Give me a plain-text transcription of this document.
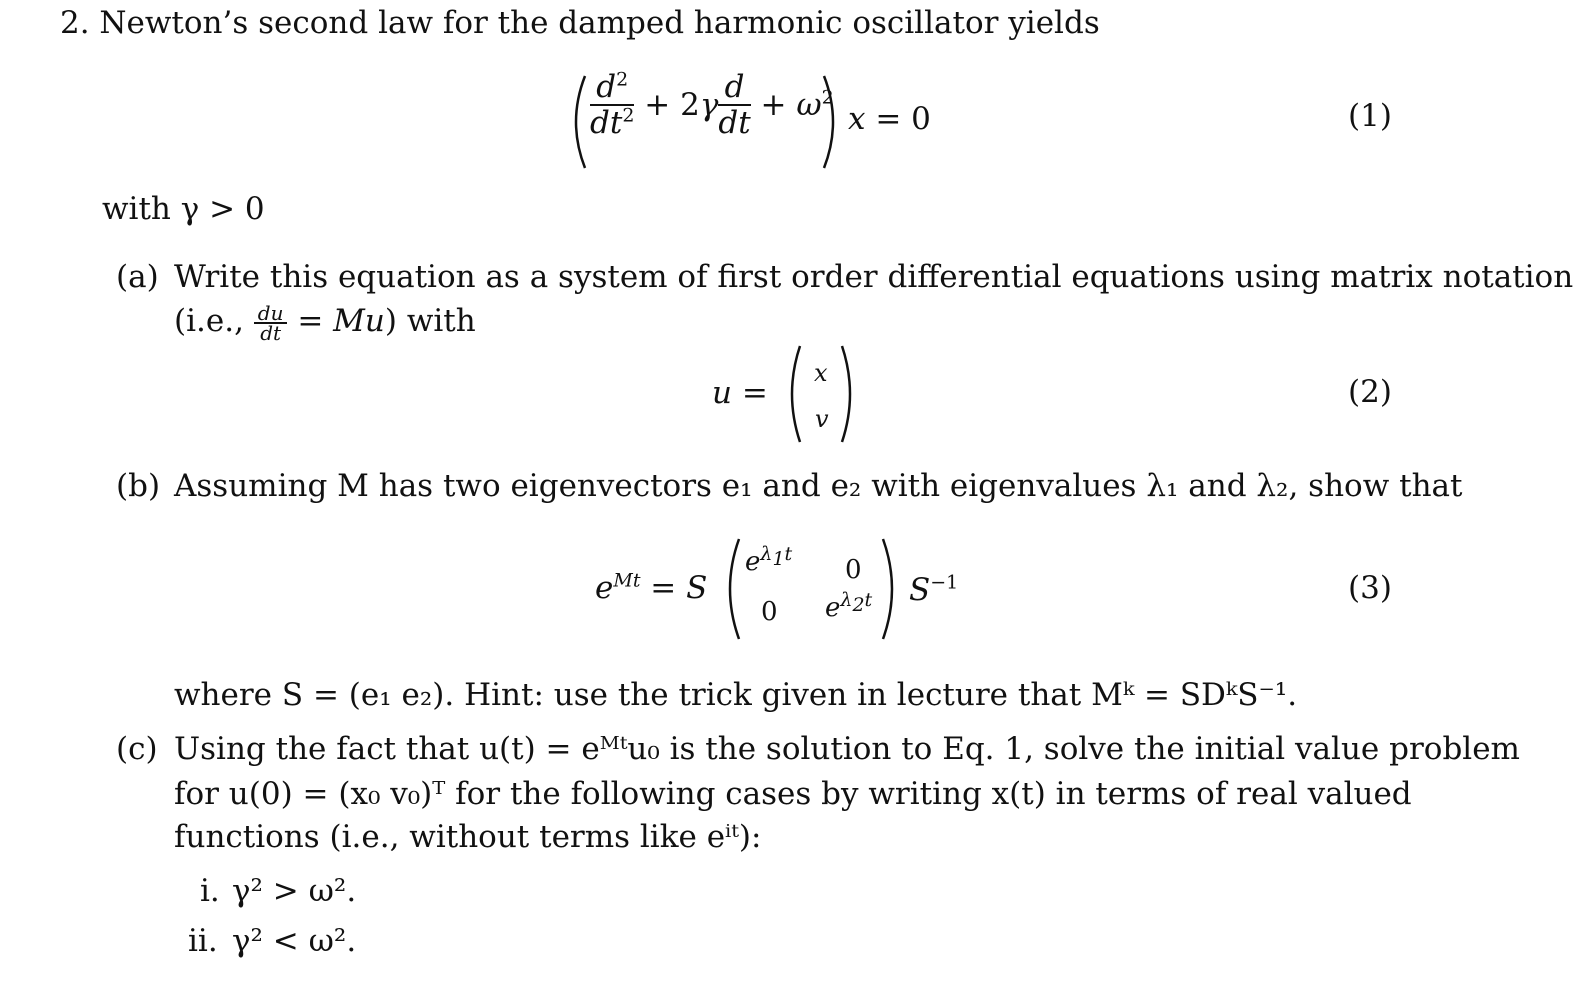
2. Newton’s second law for the damped harmonic oscillator yields
$\frac{d^2}{dt^2} + 2\gamma \frac{d}{dt} + \omega^2$
x = 0	(1)
with γ > 0
(a) Write this equation as a system of first order differential equations using matrix notation
(i.e., $\frac{du}{dt} = Mu$) with
u =
x
v
(2)
(b) Assuming M has two eigenvectors e₁ and e₂ with eigenvalues λ₁ and λ₂, show that
$e^{Mt} = S$
$e^{\lambda_1t}$
0
0 $e^{\lambda_2t}$ $S^{-1}$	(3)
where S = (e₁ e₂). Hint: use the trick given in lecture that Mᵏ = SDᵏS⁻¹.
(c) Using the fact that u(t) = eᴹᵗu₀ is the solution to Eq. 1, solve the initial value problem
for u(0) = (x₀ v₀)ᵀ for the following cases by writing x(t) in terms of real valued
functions (i.e., without terms like eⁱᵗ):
i. γ² > ω².
ii. γ² < ω².
